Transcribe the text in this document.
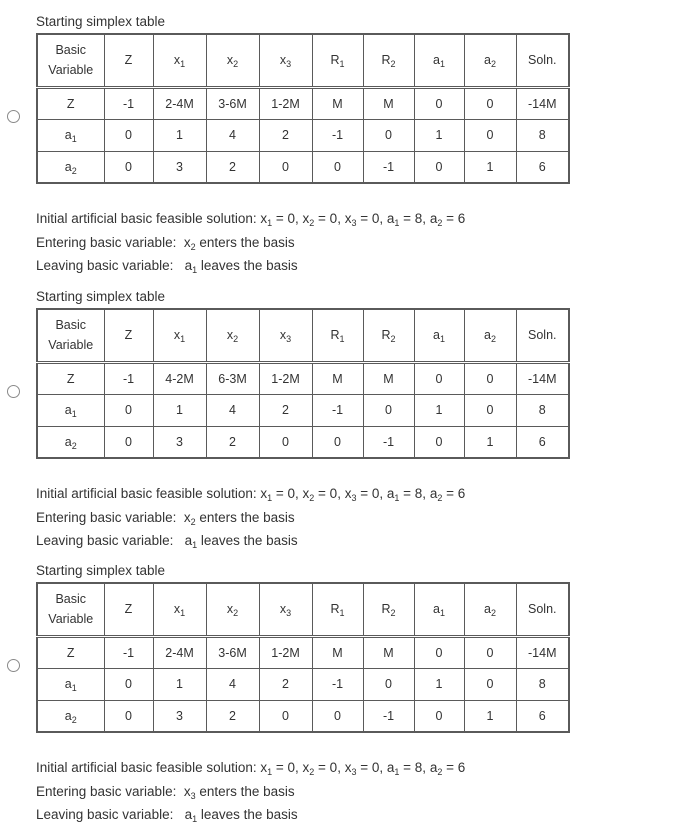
Starting simplex table
Basic Variable	Z	$x_1$	$x_2$	$x_3$	$R_1$	$R_2$	$a_1$	$a_2$	Soln.
Z	-1	2-4M	3-6M	1-2M	M	M	0	0	-14M
$a_1$	0	1	4	2	-1	0	1	0	8
$a_2$	0	3	2	0	0	-1	0	1	6
Initial artificial basic feasible solution: $x_1 = 0$, $x_2 = 0$, $x_3 = 0$, $a_1 = 8$, $a_2 = 6$
Entering basic variable:  $x_2$ enters the basis
Leaving basic variable:   $a_1$ leaves the basis
Starting simplex table
Basic Variable	Z	$x_1$	$x_2$	$x_3$	$R_1$	$R_2$	$a_1$	$a_2$	Soln.
Z	-1	4-2M	6-3M	1-2M	M	M	0	0	-14M
$a_1$	0	1	4	2	-1	0	1	0	8
$a_2$	0	3	2	0	0	-1	0	1	6
Initial artificial basic feasible solution: $x_1 = 0$, $x_2 = 0$, $x_3 = 0$, $a_1 = 8$, $a_2 = 6$
Entering basic variable:  $x_2$ enters the basis
Leaving basic variable:   $a_1$ leaves the basis
Starting simplex table
Basic Variable	Z	$x_1$	$x_2$	$x_3$	$R_1$	$R_2$	$a_1$	$a_2$	Soln.
Z	-1	2-4M	3-6M	1-2M	M	M	0	0	-14M
$a_1$	0	1	4	2	-1	0	1	0	8
$a_2$	0	3	2	0	0	-1	0	1	6
Initial artificial basic feasible solution: $x_1 = 0$, $x_2 = 0$, $x_3 = 0$, $a_1 = 8$, $a_2 = 6$
Entering basic variable:  $x_3$ enters the basis
Leaving basic variable:   $a_1$ leaves the basis
